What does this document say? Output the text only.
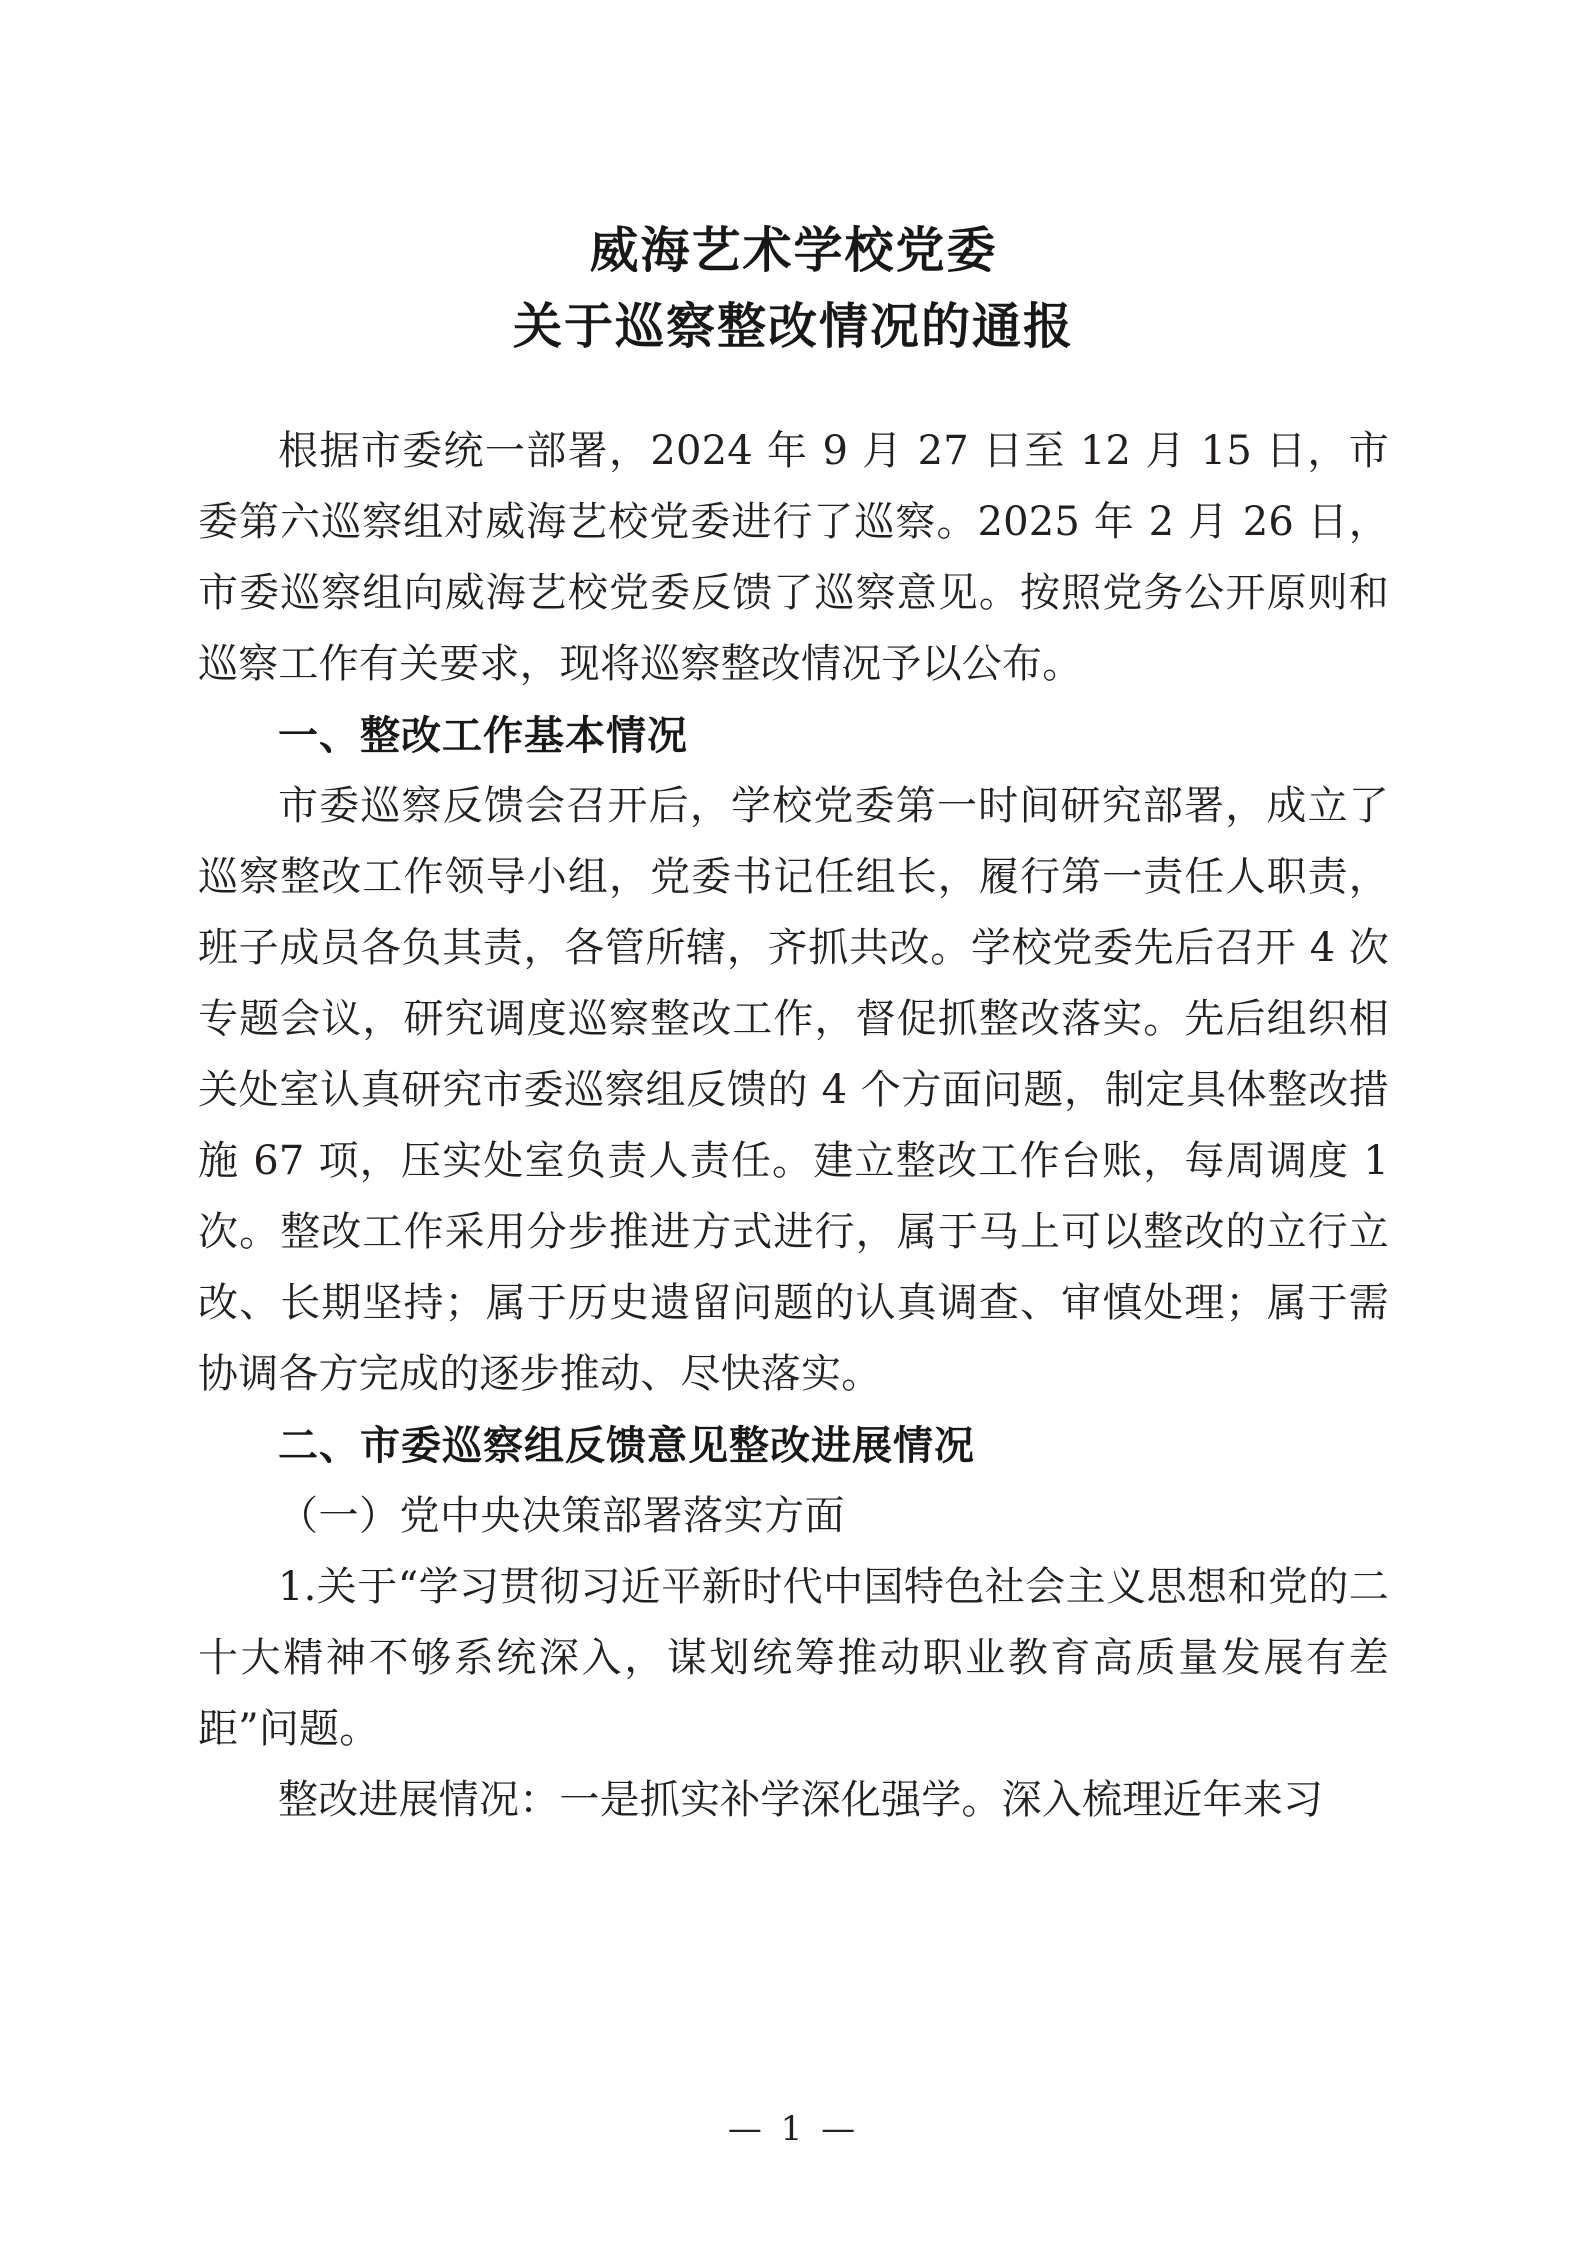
威海艺术学校党委
关于巡察整改情况的通报

根据市委统一部署，2024 年 9 月 27 日至 12 月 15 日，市委第六巡察组对威海艺校党委进行了巡察。2025 年 2 月 26 日，市委巡察组向威海艺校党委反馈了巡察意见。按照党务公开原则和巡察工作有关要求，现将巡察整改情况予以公布。

一、整改工作基本情况

市委巡察反馈会召开后，学校党委第一时间研究部署，成立了巡察整改工作领导小组，党委书记任组长，履行第一责任人职责，班子成员各负其责，各管所辖，齐抓共改。学校党委先后召开 4 次专题会议，研究调度巡察整改工作，督促抓整改落实。先后组织相关处室认真研究市委巡察组反馈的 4 个方面问题，制定具体整改措施 67 项，压实处室负责人责任。建立整改工作台账，每周调度 1 次。整改工作采用分步推进方式进行，属于马上可以整改的立行立改、长期坚持；属于历史遗留问题的认真调查、审慎处理；属于需协调各方完成的逐步推动、尽快落实。

二、市委巡察组反馈意见整改进展情况

（一）党中央决策部署落实方面

1.关于“学习贯彻习近平新时代中国特色社会主义思想和党的二十大精神不够系统深入，谋划统筹推动职业教育高质量发展有差距”问题。

整改进展情况：一是抓实补学深化强学。深入梳理近年来习

— 1 —
